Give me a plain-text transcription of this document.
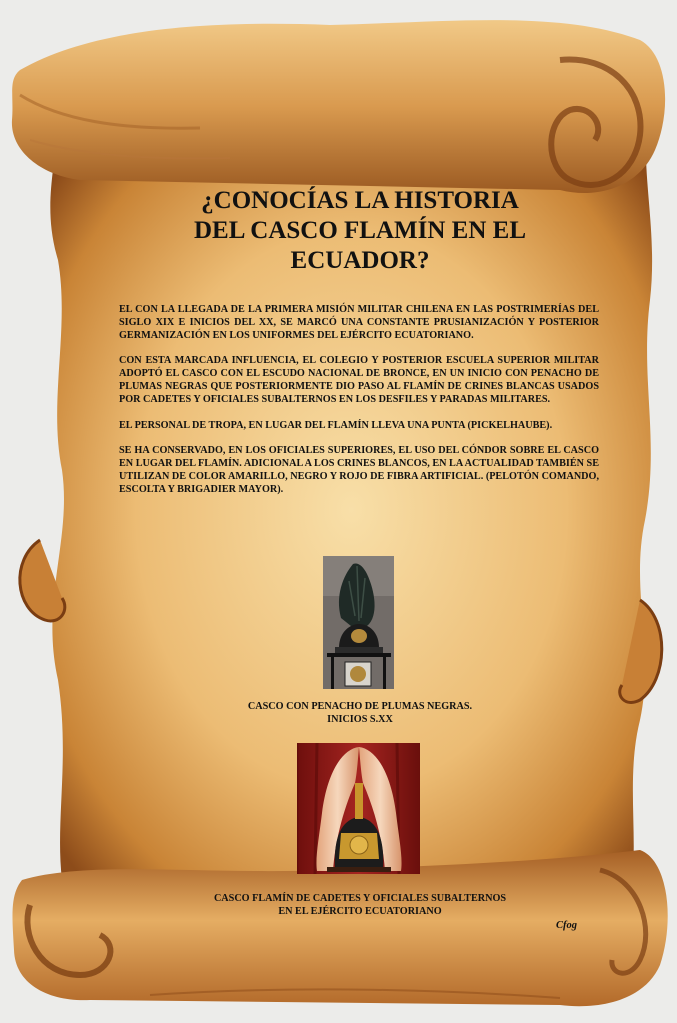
¿CONOCÍAS LA HISTORIA
DEL CASCO FLAMÍN EN EL
ECUADOR?

EL CON LA LLEGADA DE LA PRIMERA MISIÓN MILITAR CHILENA EN LAS POSTRIMERÍAS DEL SIGLO XIX E INICIOS DEL XX, SE MARCÓ UNA CONSTANTE PRUSIANIZACIÓN Y POSTERIOR GERMANIZACIÓN EN LOS UNIFORMES DEL EJÉRCITO ECUATORIANO.

CON ESTA MARCADA INFLUENCIA, EL COLEGIO Y POSTERIOR ESCUELA SUPERIOR MILITAR ADOPTÓ EL CASCO CON EL ESCUDO NACIONAL DE BRONCE, EN UN INICIO CON PENACHO DE PLUMAS NEGRAS QUE POSTERIORMENTE DIO PASO AL FLAMÍN DE CRINES BLANCAS USADOS POR CADETES Y OFICIALES SUBALTERNOS EN LOS DESFILES Y PARADAS MILITARES.

EL PERSONAL DE TROPA, EN LUGAR DEL FLAMÍN LLEVA UNA PUNTA (PICKELHAUBE).

SE HA CONSERVADO, EN LOS OFICIALES SUPERIORES, EL USO DEL CÓNDOR SOBRE EL CASCO EN LUGAR DEL FLAMÍN. ADICIONAL A LOS CRINES BLANCOS, EN LA ACTUALIDAD TAMBIÉN SE UTILIZAN DE COLOR AMARILLO, NEGRO Y ROJO DE FIBRA ARTIFICIAL. (PELOTÓN COMANDO, ESCOLTA Y BRIGADIER MAYOR).

CASCO CON PENACHO DE PLUMAS NEGRAS.
INICIOS S.XX
CASCO FLAMÍN DE CADETES Y OFICIALES SUBALTERNOS
EN EL EJÉRCITO ECUATORIANO
Cfog
